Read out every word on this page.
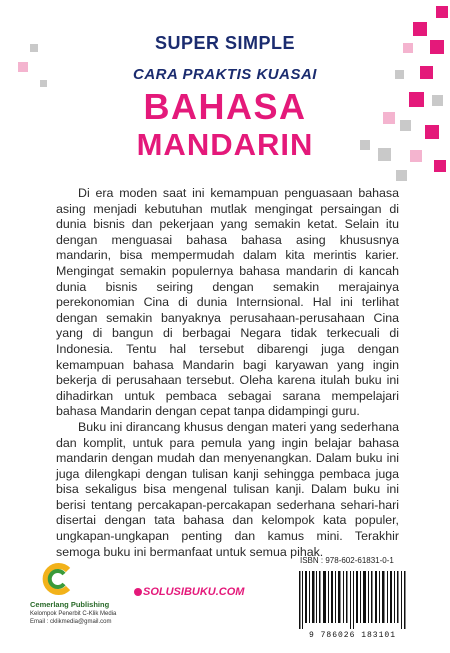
SUPER SIMPLE
CARA PRAKTIS KUASAI
BAHASA
MANDARIN

Di era moden saat ini kemampuan penguasaan bahasa asing menjadi kebutuhan mutlak mengingat persaingan di dunia bisnis dan pekerjaan yang semakin ketat. Selain itu dengan menguasai bahasa bahasa asing khususnya mandarin, bisa mempermudah dalam kita merintis karier. Mengingat semakin populernya bahasa mandarin di kancah dunia bisnis seiring dengan semakin merajainya perekonomian Cina di dunia Internsional. Hal ini terlihat dengan semakin banyaknya perusahaan-perusahaan Cina yang di bangun di berbagai Negara tidak terkecuali di Indonesia. Tentu hal tersebut dibarengi juga dengan kemampuan bahasa Mandarin bagi karyawan yang ingin bekerja di perusahaan tersebut. Oleha karena itulah buku ini dihadirkan untuk pembaca sebagai sarana mempelajari bahasa Mandarin dengan cepat tanpa didampingi guru.

Buku ini dirancang khusus dengan materi yang sederhana dan komplit, untuk para pemula yang ingin belajar bahasa mandarin dengan mudah dan menyenangkan. Dalam buku ini juga dilengkapi dengan tulisan kanji sehingga pembaca juga bisa sekaligus bisa mengenal tulisan kanji. Dalam buku ini berisi tentang percakapan-percakapan sederhana sehari-hari disertai dengan tata bahasa dan kelompok kata populer, ungkapan-ungkapan penting dan kamus mini. Terakhir semoga buku ini bermanfaat untuk semua pihak.

Cemerlang Publishing
Kelompok Penerbit C-Klik Media
Email : cklikmedia@gmail.com
SOLUSIBUKU.COM
ISBN : 978-602-61831-0-1
9 786026 183101
